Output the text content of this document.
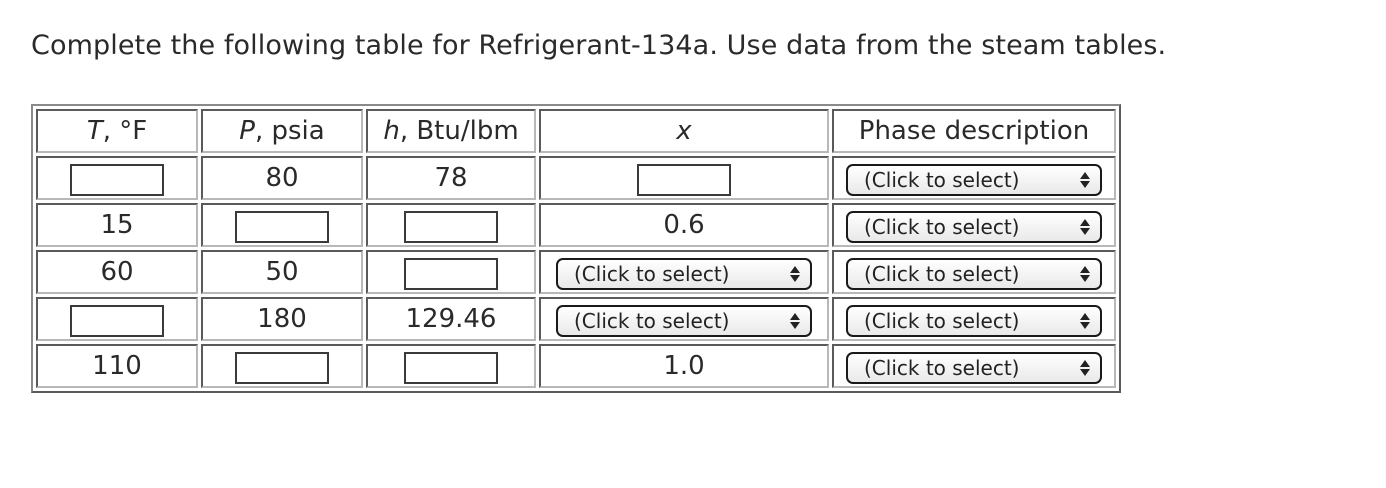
Complete the following table for Refrigerant-134a. Use data from the steam tables.
T, °F	P, psia	h, Btu/lbm	x	Phase description
	80	78		(Click to select)

15			0.6	(Click to select)

60	50		(Click to select)	(Click to select)

	180	129.46	(Click to select)	(Click to select)

110			1.0	(Click to select)
